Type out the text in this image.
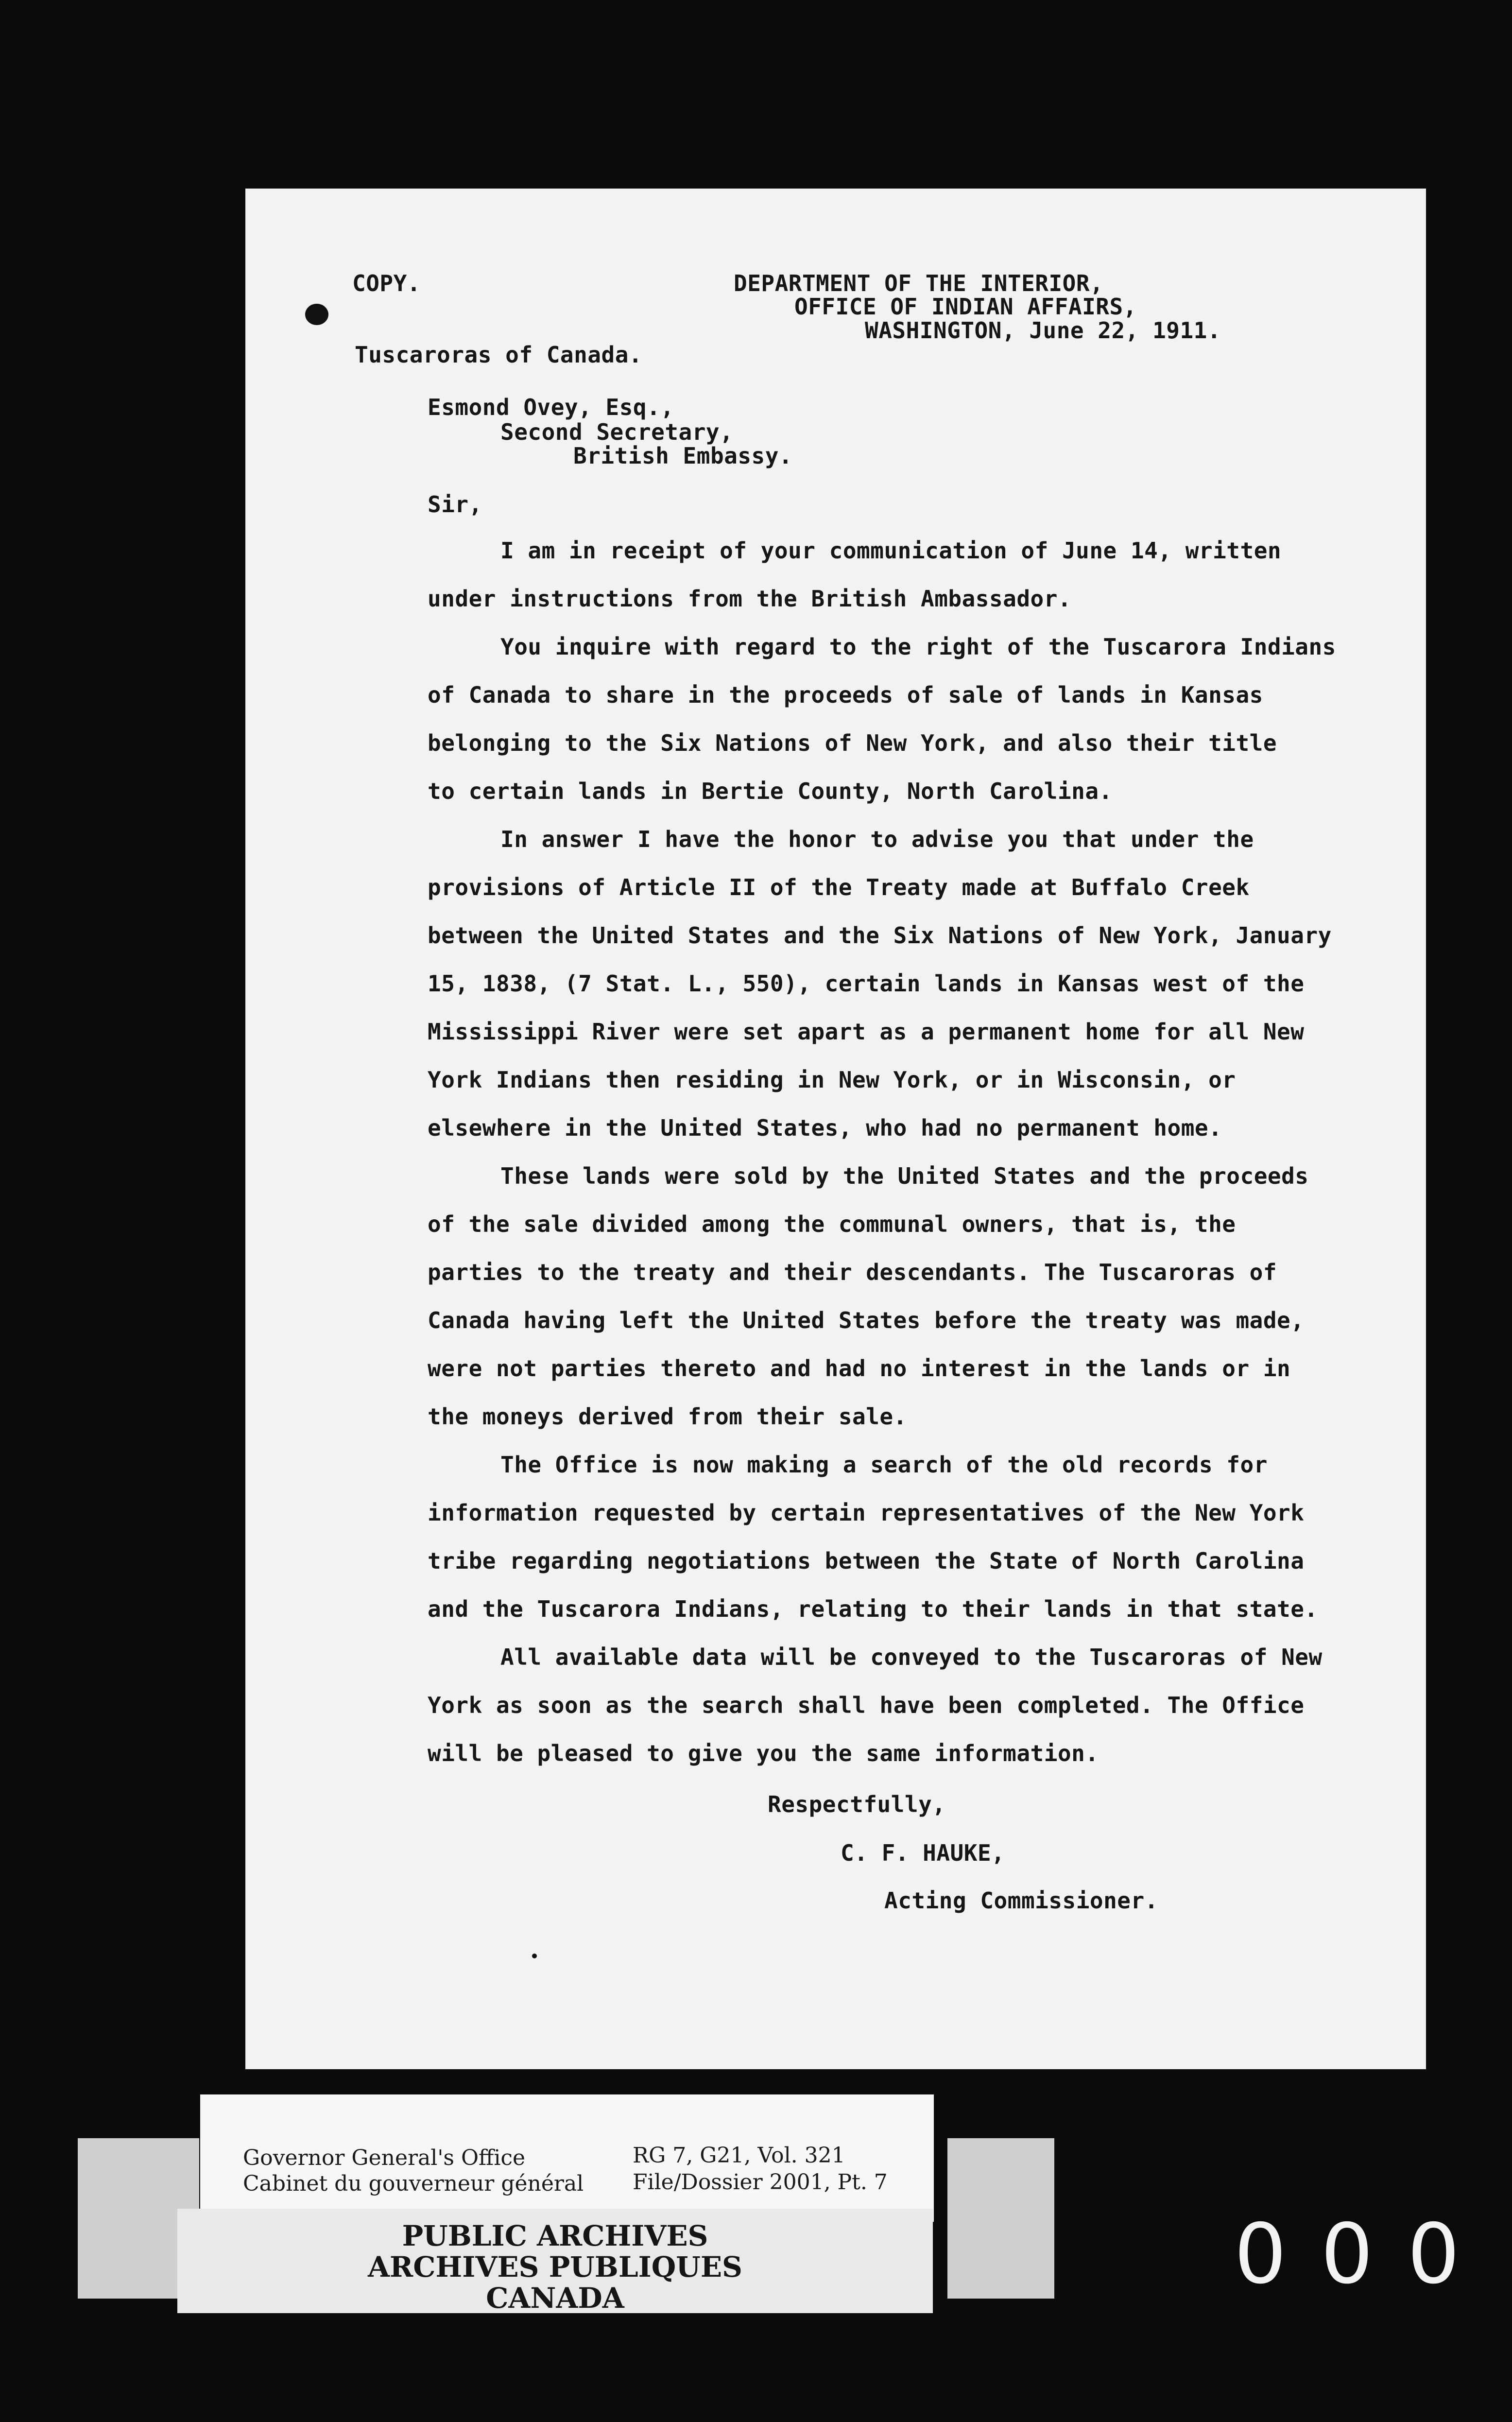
COPY.	DEPARTMENT OF THE INTERIOR,
OFFICE OF INDIAN AFFAIRS,
WASHINGTON, June 22, 1911.
Tuscaroras of Canada.
Esmond Ovey, Esq.,
Second Secretary,
British Embassy.
Sir,
I am in receipt of your communication of June 14, written
under instructions from the British Ambassador.
You inquire with regard to the right of the Tuscarora Indians
of Canada to share in the proceeds of sale of lands in Kansas
belonging to the Six Nations of New York, and also their title
to certain lands in Bertie County, North Carolina.
In answer I have the honor to advise you that under the
provisions of Article II of the Treaty made at Buffalo Creek
between the United States and the Six Nations of New York, January
15, 1838, (7 Stat. L., 550), certain lands in Kansas west of the
Mississippi River were set apart as a permanent home for all New
York Indians then residing in New York, or in Wisconsin, or
elsewhere in the United States, who had no permanent home.
These lands were sold by the United States and the proceeds
of the sale divided among the communal owners, that is, the
parties to the treaty and their descendants. The Tuscaroras of
Canada having left the United States before the treaty was made,
were not parties thereto and had no interest in the lands or in
the moneys derived from their sale.
The Office is now making a search of the old records for
information requested by certain representatives of the New York
tribe regarding negotiations between the State of North Carolina
and the Tuscarora Indians, relating to their lands in that state.
All available data will be conveyed to the Tuscaroras of New
York as soon as the search shall have been completed. The Office
will be pleased to give you the same information.
Respectfully,
C. F. HAUKE,
Acting Commissioner.
Governor General's Office
Cabinet du gouverneur général
RG 7, G21, Vol. 321
File/Dossier 2001, Pt. 7
PUBLIC ARCHIVES
ARCHIVES PUBLIQUES
CANADA	0 0 0
